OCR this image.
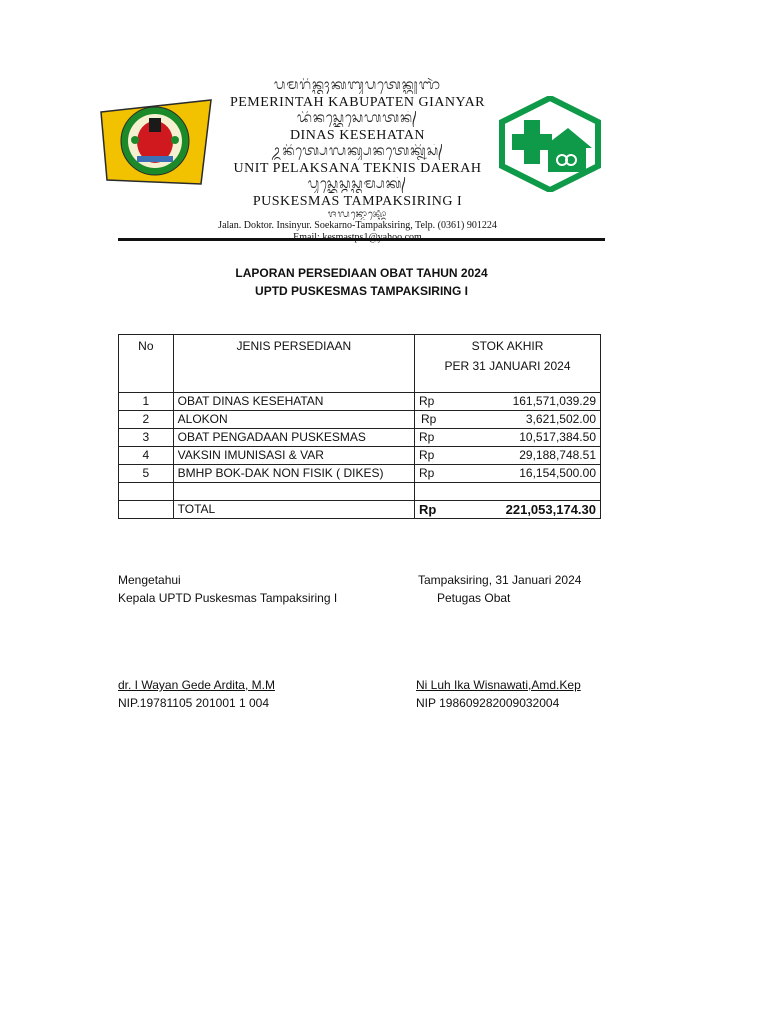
ᬧᬫᬭᬶᬦ᭄ᬢᬄᬓᬩᬸᬧᬢᬾᬦ᭄ᬕ᭄ᬬᬜᬃ
PEMERINTAH KABUPATEN GIANYAR
ᬤᬶᬦᬲ᭄ᬓᬾᬲᬾᬳᬢᬦ᭄
DINAS KESEHATAN
ᬉᬦᬶᬢ᭄ᬧᬾᬮᬓ᭄ᬲᬦᬢᬾᬓ᭄ᬦᬶᬲ᭄
UNIT PELAKSANA TEKNIS DAERAH
ᬧᬸᬲ᭄ᬓᬾᬲ᭄ᬫᬲ᭄ᬢᬫ᭄ᬧᬓ᭄
PUSKESMAS TAMPAKSIRING I
ᬚᬮᬦ᭄ᬤᭀᬓ᭄ᬢᭀᬃ
Jalan. Doktor. Insinyur. Soekarno-Tampaksiring, Telp. (0361) 901224
LAPORAN PERSEDIAAN OBAT TAHUN 2024
UPTD PUSKESMAS TAMPAKSIRING I
No	JENIS PERSEDIAAN	STOK AKHIR
PER 31 JANUARI 2024

1	OBAT DINAS KESEHATAN	Rp 161,571,039.29

2	ALOKON	Rp 3,621,502.00

3	OBAT PENGADAAN PUSKESMAS	Rp 10,517,384.50

4	VAKSIN IMUNISASI & VAR	Rp 29,188,748.51

5	BMHP BOK-DAK NON FISIK ( DIKES)	Rp 16,154,500.00

	TOTAL	Rp 221,053,174.30
Mengetahui
Kepala UPTD Puskesmas Tampaksiring I
Tampaksiring, 31 Januari 2024
Petugas Obat
dr. I Wayan Gede Ardita, M.M
NIP.19781105 201001 1 004
Ni Luh Ika Wisnawati,Amd.Kep
NIP 198609282009032004
